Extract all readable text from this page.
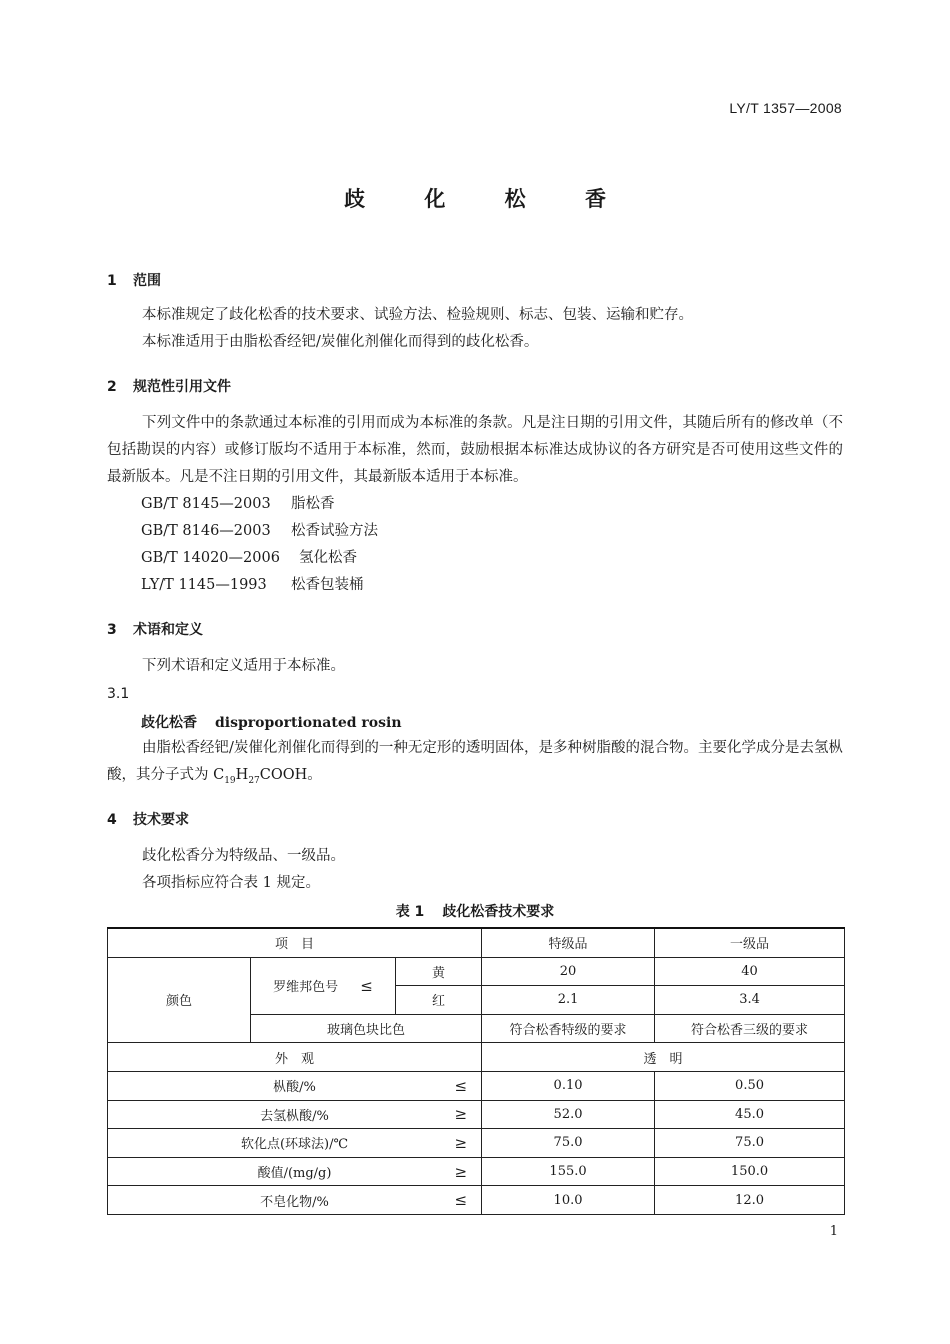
LY/T 1357—2008
歧 化 松 香
1 范围
本标准规定了歧化松香的技术要求、试验方法、检验规则、标志、包装、运输和贮存。
本标准适用于由脂松香经钯/炭催化剂催化而得到的歧化松香。
2 规范性引用文件
下列文件中的条款通过本标准的引用而成为本标准的条款。凡是注日期的引用文件，其随后所有的修改单（不包括勘误的内容）或修订版均不适用于本标准，然而，鼓励根据本标准达成协议的各方研究是否可使用这些文件的最新版本。凡是不注日期的引用文件，其最新版本适用于本标准。
GB/T 8145—2003 脂松香
GB/T 8146—2003 松香试验方法
GB/T 14020—2006 氢化松香
LY/T 1145—1993 松香包装桶
3 术语和定义
下列术语和定义适用于本标准。
3.1
歧化松香 disproportionated rosin
由脂松香经钯/炭催化剂催化而得到的一种无定形的透明固体，是多种树脂酸的混合物。主要化学成分是去氢枞酸，其分子式为 $C_{19}H_{27}COOH$。
4 技术要求
歧化松香分为特级品、一级品。
各项指标应符合表 1 规定。
表 1 歧化松香技术要求
项　目			特级品	一级品
颜色	罗维邦色号 ≤	黄	20	40
		红	2.1	3.4
	玻璃色块比色		符合松香特级的要求	符合松香三级的要求
外　观			透　明	
枞酸/% ≤			0.10	0.50
去氢枞酸/% ≥			52.0	45.0
软化点(环球法)/℃ ≥			75.0	75.0
酸值/(mg/g) ≥			155.0	150.0
不皂化物/% ≤			10.0	12.0
1
